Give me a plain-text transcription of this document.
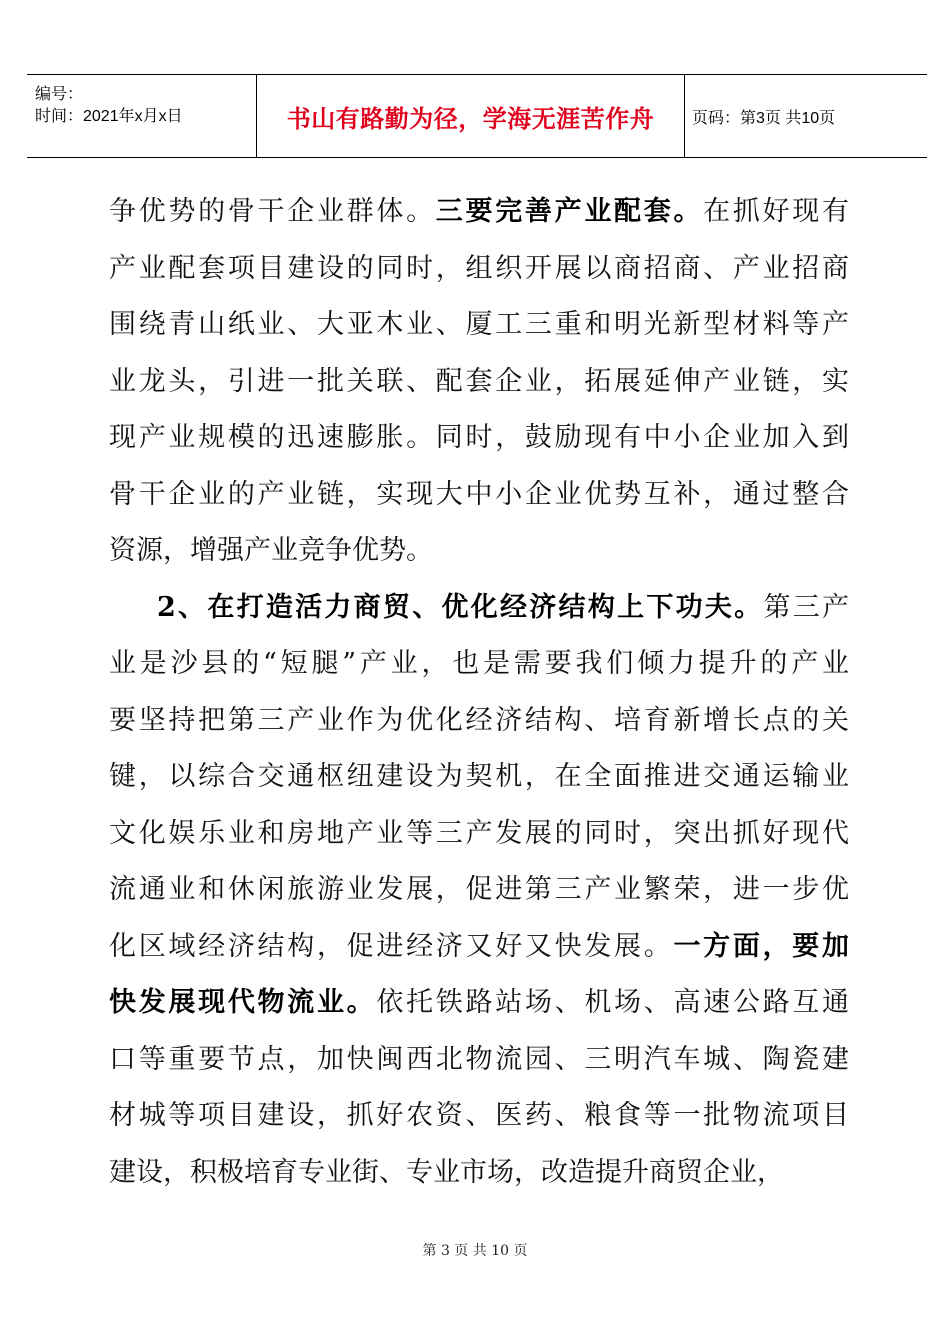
编号：
时间：2021年x月x日	书山有路勤为径，学海无涯苦作舟	页码：第3页 共10页
争优势的骨干企业群体。三要完善产业配套。在抓好现有
产业配套项目建设的同时，组织开展以商招商、产业招商
围绕青山纸业、大亚木业、厦工三重和明光新型材料等产
业龙头，引进一批关联、配套企业，拓展延伸产业链，实
现产业规模的迅速膨胀。同时，鼓励现有中小企业加入到
骨干企业的产业链，实现大中小企业优势互补，通过整合
资源，增强产业竞争优势。
2、在打造活力商贸、优化经济结构上下功夫。第三产
业是沙县的“短腿”产业，也是需要我们倾力提升的产业
要坚持把第三产业作为优化经济结构、培育新增长点的关
键，以综合交通枢纽建设为契机，在全面推进交通运输业
文化娱乐业和房地产业等三产发展的同时，突出抓好现代
流通业和休闲旅游业发展，促进第三产业繁荣，进一步优
化区域经济结构，促进经济又好又快发展。一方面，要加
快发展现代物流业。依托铁路站场、机场、高速公路互通
口等重要节点，加快闽西北物流园、三明汽车城、陶瓷建
材城等项目建设，抓好农资、医药、粮食等一批物流项目
建设，积极培育专业街、专业市场，改造提升商贸企业，
第 3 页 共 10 页
